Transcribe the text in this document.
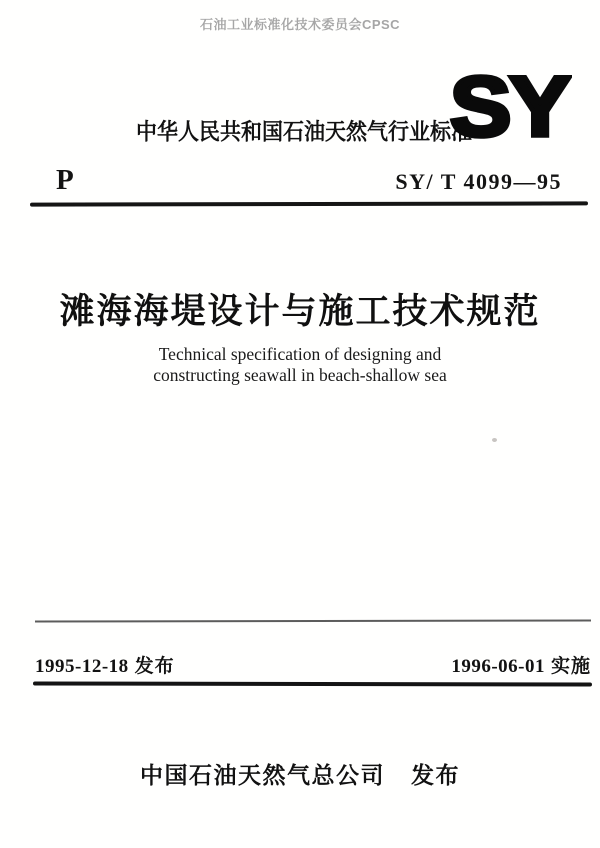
石油工业标准化技术委员会CPSC
中华人民共和国石油天然气行业标准
SY
P	SY/ T 4099—95
滩海海堤设计与施工技术规范
Technical specification of designing and
constructing seawall in beach-shallow sea
1995-12-18 发布	1996-06-01 实施
中国石油天然气总公司 发布
